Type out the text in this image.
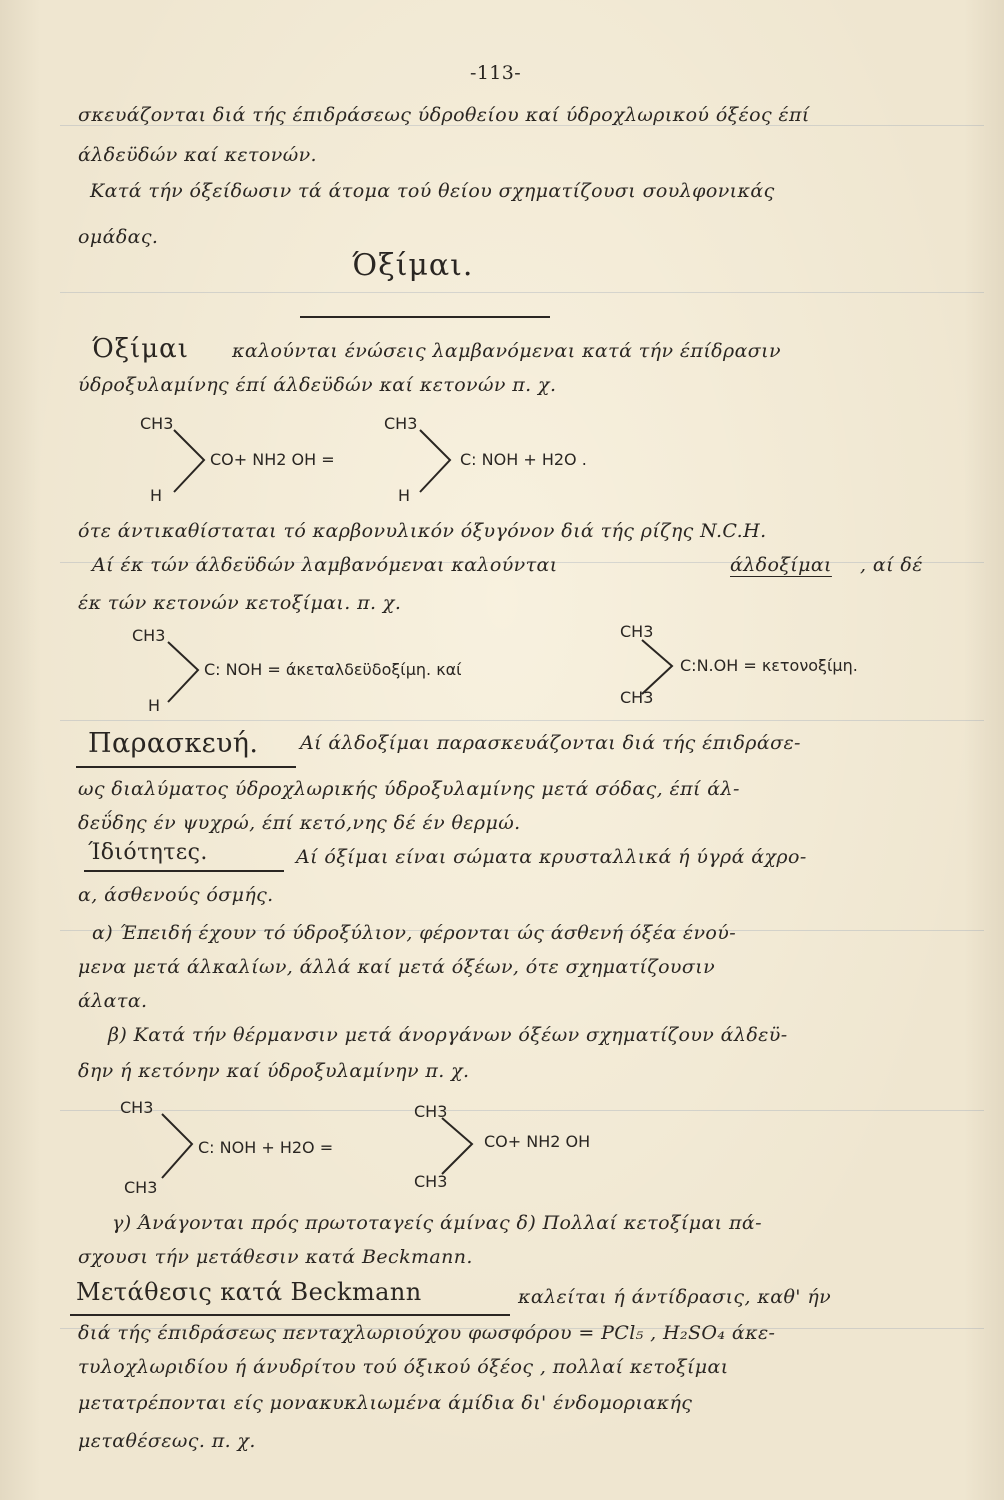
-113-
σκευάζονται διά τής έπιδράσεως ύδροθείου καί ύδροχλωρικού όξέος έπί
άλδεϋδών καί κετονών.
Κατά τήν όξείδωσιν τά άτομα τού θείου σχηματίζουσι σουλφονικάς
ομάδας.
Όξίμαι.
Όξίμαι καλούνται ένώσεις λαμβανόμεναι κατά τήν έπίδρασιν
ύδροξυλαμίνης έπί άλδεϋδών καί κετονών π. χ.
CH3
H
CO+ NH2 OH =
CH3
H
C: NOH + H2O .
ότε άντικαθίσταται τό καρβονυλικόν όξυγόνον διά τής ρίζης N.C.H.
Αί έκ τών άλδεϋδών λαμβανόμεναι καλούνται	άλδοξίμαι , αί δέ
έκ τών κετονών κετοξίμαι. π. χ.
CH3
H
C: NOH = άκεταλδεϋδοξίμη. καί
CH3
CH3
C:N.OH = κετονοξίμη.
Παρασκευή. Αί άλδοξίμαι παρασκευάζονται διά τής έπιδράσε-
ως διαλύματος ύδροχλωρικής ύδροξυλαμίνης μετά σόδας, έπί άλ-
δεΰδης έν ψυχρώ, έπί κετό,νης δέ έν θερμώ.
Ίδιότητες.	Αί όξίμαι είναι σώματα κρυσταλλικά ή ύγρά άχρο-
α, άσθενούς όσμής.
α) Έπειδή έχουν τό ύδροξύλιον, φέρονται ώς άσθενή όξέα ένού-
μενα μετά άλκαλίων, άλλά καί μετά όξέων, ότε σχηματίζουσιν
άλατα.
β) Κατά τήν θέρμανσιν μετά άνοργάνων όξέων σχηματίζουν άλδεϋ-
δην ή κετόνην καί ύδροξυλαμίνην π. χ.
CH3
CH3
C: NOH + H2O =
CH3
CH3
CO+ NH2 OH
γ) Άνάγονται πρός πρωτοταγείς άμίνας δ) Πολλαί κετοξίμαι πά-
σχουσι τήν μετάθεσιν κατά Beckmann.
Μετάθεσις κατά Beckmann	καλείται ή άντίδρασις, καθ' ήν
διά τής έπιδράσεως πενταχλωριούχου φωσφόρου = PCl₅ , H₂SO₄ άκε-
τυλοχλωριδίου ή άνυδρίτου τού όξικού όξέος , πολλαί κετοξίμαι
μετατρέπονται είς μονακυκλιωμένα άμίδια δι' ένδομοριακής
μεταθέσεως. π. χ.
